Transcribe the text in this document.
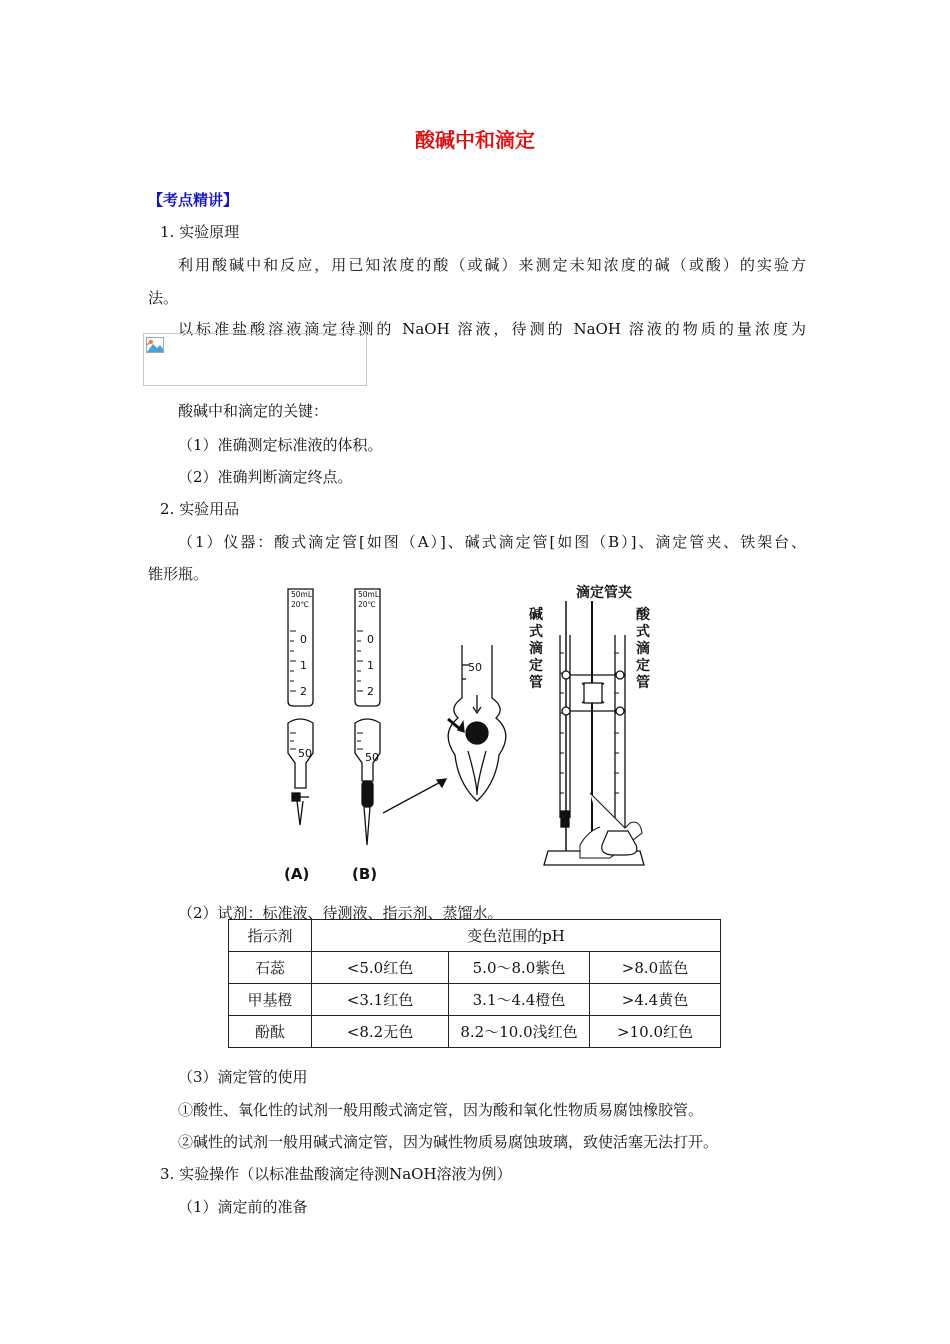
酸碱中和滴定
【考点精讲】
1. 实验原理
利用酸碱中和反应，用已知浓度的酸（或碱）来测定未知浓度的碱（或酸）的实验方
法。
以标准盐酸溶液滴定待测的 NaOH 溶液，待测的 NaOH 溶液的物质的量浓度为
酸碱中和滴定的关键：
（1）准确测定标准液的体积。
（2）准确判断滴定终点。
2. 实验用品
（1）仪器：酸式滴定管[如图（A）]、碱式滴定管[如图（B）]、滴定管夹、铁架台、
锥形瓶。
50mL
20℃
0
1
2
50
50mL
20℃
0
1
2
50
50
(A)	(B)
滴定管夹
碱式滴定管
酸式滴定管
（2）试剂：标准液、待测液、指示剂、蒸馏水。
指示剂	变色范围的pH		
石蕊	<5.0红色	5.0～8.0紫色	>8.0蓝色
甲基橙	<3.1红色	3.1～4.4橙色	>4.4黄色
酚酞	<8.2无色	8.2～10.0浅红色	>10.0红色
（3）滴定管的使用
①酸性、氧化性的试剂一般用酸式滴定管，因为酸和氧化性物质易腐蚀橡胶管。
②碱性的试剂一般用碱式滴定管，因为碱性物质易腐蚀玻璃，致使活塞无法打开。
3. 实验操作（以标准盐酸滴定待测NaOH溶液为例）
（1）滴定前的准备
